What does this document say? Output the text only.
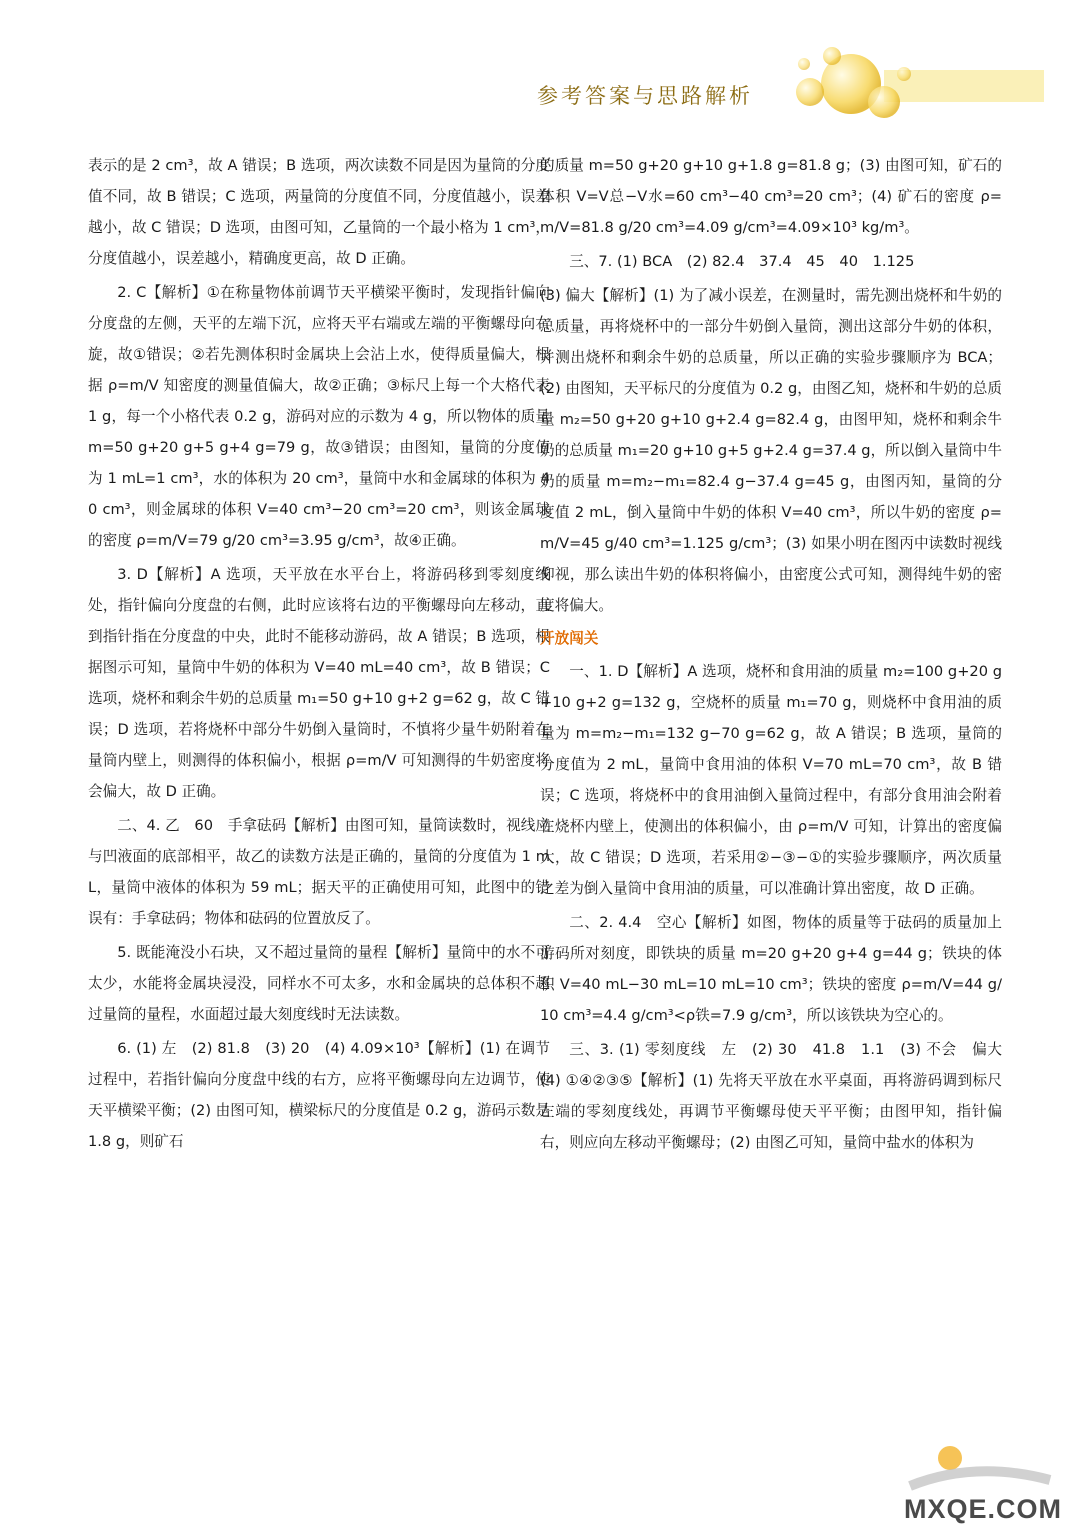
参考答案与思路解析

表示的是 2 cm³，故 A 错误；B 选项，两次读数不同是因为量筒的分度值不同，故 B 错误；C 选项，两量筒的分度值不同，分度值越小，误差越小，故 C 错误；D 选项，由图可知，乙量筒的一个最小格为 1 cm³，分度值越小，误差越小，精确度更高，故 D 正确。

2. C【解析】①在称量物体前调节天平横梁平衡时，发现指针偏向分度盘的左侧，天平的左端下沉，应将天平右端或左端的平衡螺母向右旋，故①错误；②若先测体积时金属块上会沾上水，使得质量偏大，根据 ρ=m/V 知密度的测量值偏大，故②正确；③标尺上每一个大格代表 1 g，每一个小格代表 0.2 g，游码对应的示数为 4 g，所以物体的质量 m=50 g+20 g+5 g+4 g=79 g，故③错误；由图知，量筒的分度值为 1 mL=1 cm³，水的体积为 20 cm³，量筒中水和金属球的体积为 40 cm³，则金属球的体积 V=40 cm³−20 cm³=20 cm³，则该金属球的密度 ρ=m/V=79 g/20 cm³=3.95 g/cm³，故④正确。

3. D【解析】A 选项，天平放在水平台上，将游码移到零刻度线处，指针偏向分度盘的右侧，此时应该将右边的平衡螺母向左移动，直到指针指在分度盘的中央，此时不能移动游码，故 A 错误；B 选项，根据图示可知，量筒中牛奶的体积为 V=40 mL=40 cm³，故 B 错误；C 选项，烧杯和剩余牛奶的总质量 m₁=50 g+10 g+2 g=62 g，故 C 错误；D 选项，若将烧杯中部分牛奶倒入量筒时，不慎将少量牛奶附着在量筒内壁上，则测得的体积偏小，根据 ρ=m/V 可知测得的牛奶密度将会偏大，故 D 正确。

二、4. 乙　60　手拿砝码【解析】由图可知，量筒读数时，视线应与凹液面的底部相平，故乙的读数方法是正确的，量筒的分度值为 1 mL，量筒中液体的体积为 59 mL；据天平的正确使用可知，此图中的错误有：手拿砝码；物体和砝码的位置放反了。

5. 既能淹没小石块，又不超过量筒的量程【解析】量筒中的水不可太少，水能将金属块浸没，同样水不可太多，水和金属块的总体积不超过量筒的量程，水面超过最大刻度线时无法读数。

6. (1) 左　(2) 81.8　(3) 20　(4) 4.09×10³【解析】(1) 在调节过程中，若指针偏向分度盘中线的右方，应将平衡螺母向左边调节，使天平横梁平衡；(2) 由图可知，横梁标尺的分度值是 0.2 g，游码示数是 1.8 g，则矿石

的质量 m=50 g+20 g+10 g+1.8 g=81.8 g；(3) 由图可知，矿石的体积 V=V总−V水=60 cm³−40 cm³=20 cm³；(4) 矿石的密度 ρ=m/V=81.8 g/20 cm³=4.09 g/cm³=4.09×10³ kg/m³。

三、7. (1) BCA　(2) 82.4　37.4　45　40　1.125

(3) 偏大【解析】(1) 为了减小误差，在测量时，需先测出烧杯和牛奶的总质量，再将烧杯中的一部分牛奶倒入量筒，测出这部分牛奶的体积，并测出烧杯和剩余牛奶的总质量，所以正确的实验步骤顺序为 BCA；(2) 由图知，天平标尺的分度值为 0.2 g，由图乙知，烧杯和牛奶的总质量 m₂=50 g+20 g+10 g+2.4 g=82.4 g，由图甲知，烧杯和剩余牛奶的总质量 m₁=20 g+10 g+5 g+2.4 g=37.4 g，所以倒入量筒中牛奶的质量 m=m₂−m₁=82.4 g−37.4 g=45 g，由图丙知，量筒的分度值 2 mL，倒入量筒中牛奶的体积 V=40 cm³，所以牛奶的密度 ρ=m/V=45 g/40 cm³=1.125 g/cm³；(3) 如果小明在图丙中读数时视线仰视，那么读出牛奶的体积将偏小，由密度公式可知，测得纯牛奶的密度将偏大。

开放闯关

一、1. D【解析】A 选项，烧杯和食用油的质量 m₂=100 g+20 g+10 g+2 g=132 g，空烧杯的质量 m₁=70 g，则烧杯中食用油的质量为 m=m₂−m₁=132 g−70 g=62 g，故 A 错误；B 选项，量筒的分度值为 2 mL，量筒中食用油的体积 V=70 mL=70 cm³，故 B 错误；C 选项，将烧杯中的食用油倒入量筒过程中，有部分食用油会附着在烧杯内壁上，使测出的体积偏小，由 ρ=m/V 可知，计算出的密度偏大，故 C 错误；D 选项，若采用②−③−①的实验步骤顺序，两次质量之差为倒入量筒中食用油的质量，可以准确计算出密度，故 D 正确。

二、2. 4.4　空心【解析】如图，物体的质量等于砝码的质量加上游码所对刻度，即铁块的质量 m=20 g+20 g+4 g=44 g；铁块的体积 V=40 mL−30 mL=10 mL=10 cm³；铁块的密度 ρ=m/V=44 g/10 cm³=4.4 g/cm³<ρ铁=7.9 g/cm³，所以该铁块为空心的。

三、3. (1) 零刻度线　左　(2) 30　41.8　1.1　(3) 不会　偏大　(4) ①④②③⑤【解析】(1) 先将天平放在水平桌面，再将游码调到标尺左端的零刻度线处，再调节平衡螺母使天平平衡；由图甲知，指针偏右，则应向左移动平衡螺母；(2) 由图乙可知，量筒中盐水的体积为

MXQE.COM
